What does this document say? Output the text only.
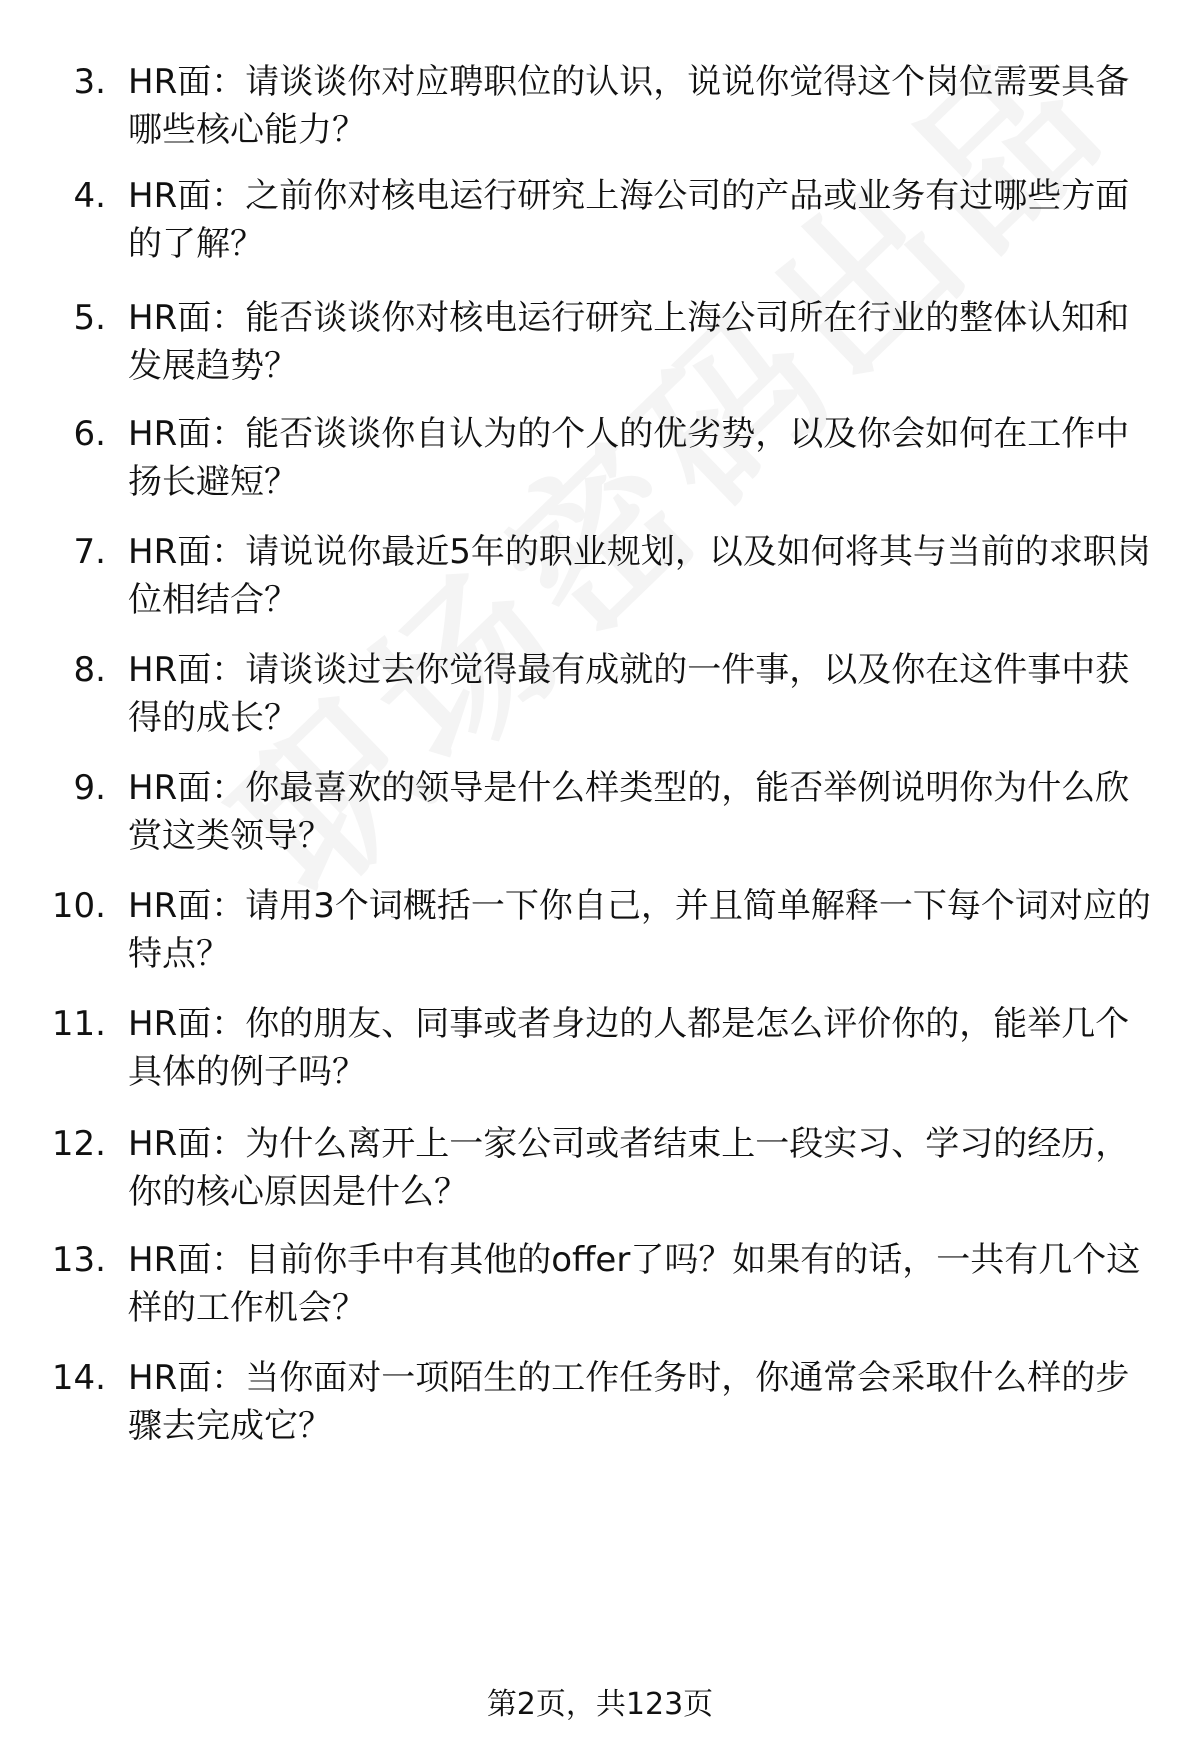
3. HR面：请谈谈你对应聘职位的认识，说说你觉得这个岗位需要具备哪些核心能力？
4. HR面：之前你对核电运行研究上海公司的产品或业务有过哪些方面的了解？
5. HR面：能否谈谈你对核电运行研究上海公司所在行业的整体认知和发展趋势？
6. HR面：能否谈谈你自认为的个人的优劣势，以及你会如何在工作中扬长避短？
7. HR面：请说说你最近5年的职业规划，以及如何将其与当前的求职岗位相结合？
8. HR面：请谈谈过去你觉得最有成就的一件事，以及你在这件事中获得的成长？
9. HR面：你最喜欢的领导是什么样类型的，能否举例说明你为什么欣赏这类领导？
10. HR面：请用3个词概括一下你自己，并且简单解释一下每个词对应的特点？
11. HR面：你的朋友、同事或者身边的人都是怎么评价你的，能举几个具体的例子吗？
12. HR面：为什么离开上一家公司或者结束上一段实习、学习的经历，你的核心原因是什么？
13. HR面：目前你手中有其他的offer了吗？如果有的话，一共有几个这样的工作机会？
14. HR面：当你面对一项陌生的工作任务时，你通常会采取什么样的步骤去完成它？
第2页，共123页
